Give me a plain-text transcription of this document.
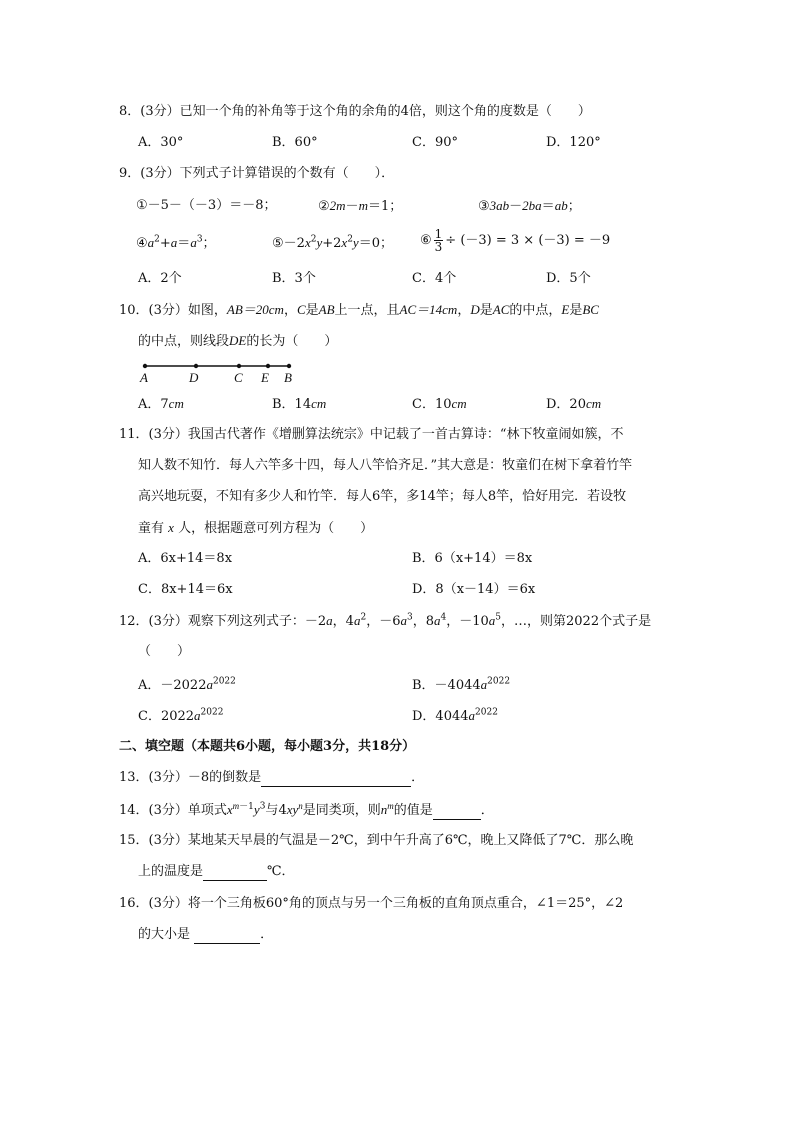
8．(3分）已知一个角的补角等于这个角的余角的4倍，则这个角的度数是（　　）
A．30°	B．60°	C．90°	D．120°
9．(3分）下列式子计算错误的个数有（　　）．
①－5－（－3）＝－8；	②2m－m＝1；	③3ab－2ba＝ab；
$④a^2+a=a^3$；	$⑤-2x^2y+2x^2y=0$； ⑥ $\frac{1}{3} \div (-3) = 3 \times (-3) = -9$
A．2个	B．3个	C．4个	D．5个
10．(3分）如图，AB＝20cm，C是AB上一点，且AC＝14cm，D是AC的中点，E是BC
的中点，则线段DE的长为（　　）
A	D	C E B
A．7cm	B．14cm	C．10cm	D．20cm
11．(3分）我国古代著作《增删算法统宗》中记载了一首古算诗：“林下牧童闹如簇，不
知人数不知竹．每人六竿多十四，每人八竿恰齐足．”其大意是：牧童们在树下拿着竹竿
高兴地玩耍，不知有多少人和竹竿．每人6竿，多14竿；每人8竿，恰好用完．若设牧
童有 x 人，根据题意可列方程为（　　）
A．6x+14＝8x	B．6（x+14）＝8x
C．8x+14＝6x	D．8（x－14）＝6x
12．(3分）观察下列这列式子：－2a，$4a^2$，$-6a^3$，$8a^4$，$-10a^5$，…，则第2022个式子是
（　　）
A．$-2022a^{2022}$	B．$-4044a^{2022}$
C．$2022a^{2022}$	D．$4044a^{2022}$
二、填空题（本题共6小题，每小题3分，共18分）
13．(3分）－8的倒数是	．
14．(3分）单项式$x^{m-1}y^3$与$4xy^n$是同类项，则$n^m$的值是	．
15．(3分）某地某天早晨的气温是－2℃，到中午升高了6℃，晚上又降低了7℃．那么晚
上的温度是	℃．
16．(3分）将一个三角板60°角的顶点与另一个三角板的直角顶点重合，∠1＝25°，∠2
的大小是	．
